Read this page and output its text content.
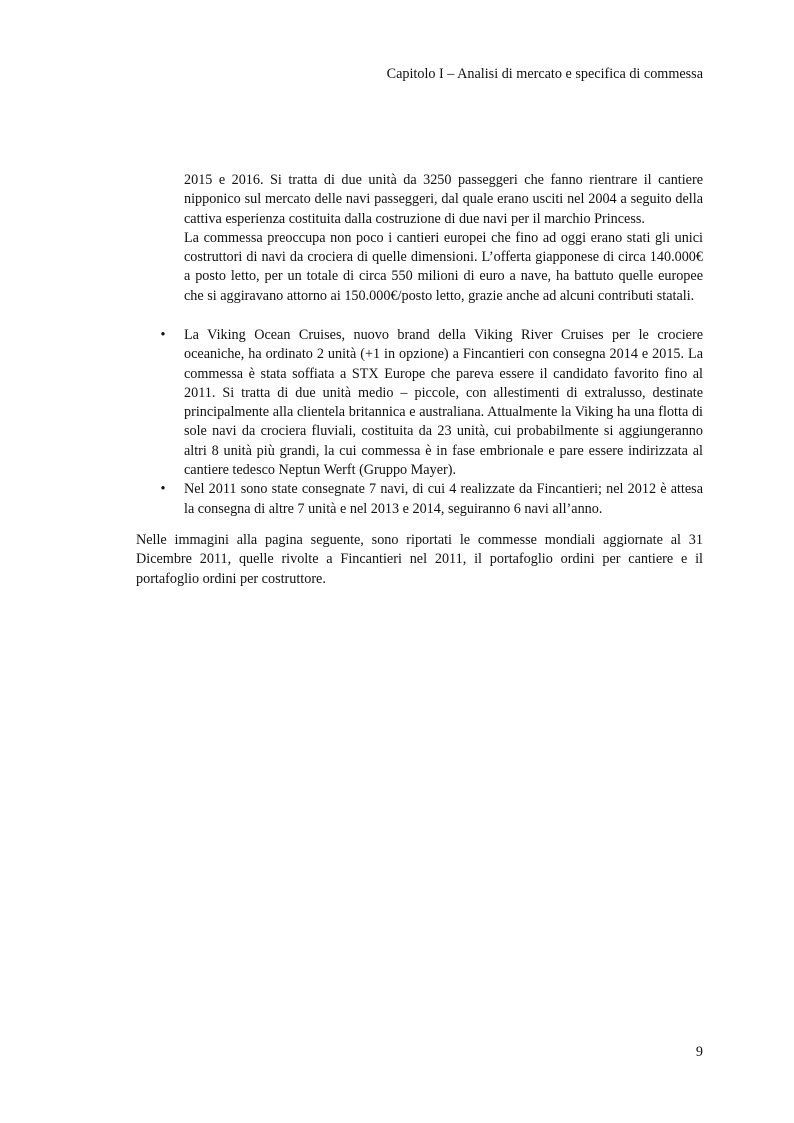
Capitolo I – Analisi di mercato e specifica di commessa

2015 e 2016. Si tratta di due unità da 3250 passeggeri che fanno rientrare il cantiere nipponico sul mercato delle navi passeggeri, dal quale erano usciti nel 2004 a seguito della cattiva esperienza costituita dalla costruzione di due navi per il marchio Princess.

La commessa preoccupa non poco i cantieri europei che fino ad oggi erano stati gli unici costruttori di navi da crociera di quelle dimensioni. L’offerta giapponese di circa 140.000€ a posto letto, per un totale di circa 550 milioni di euro a nave, ha battuto quelle europee che si aggiravano attorno ai 150.000€/posto letto, grazie anche ad alcuni contributi statali.

•	La Viking Ocean Cruises, nuovo brand della Viking River Cruises per le crociere oceaniche, ha ordinato 2 unità (+1 in opzione) a Fincantieri con consegna 2014 e 2015. La commessa è stata soffiata a STX Europe che pareva essere il candidato favorito fino al 2011. Si tratta di due unità medio – piccole, con allestimenti di extralusso, destinate principalmente alla clientela britannica e australiana. Attualmente la Viking ha una flotta di sole navi da crociera fluviali, costituita da 23 unità, cui probabilmente si aggiungeranno altri 8 unità più grandi, la cui commessa è in fase embrionale e pare essere indirizzata al cantiere tedesco Neptun Werft (Gruppo Mayer).
•	Nel 2011 sono state consegnate 7 navi, di cui 4 realizzate da Fincantieri; nel 2012 è attesa la consegna di altre 7 unità e nel 2013 e 2014, seguiranno 6 navi all’anno.

Nelle immagini alla pagina seguente, sono riportati le commesse mondiali aggiornate al 31 Dicembre 2011, quelle rivolte a Fincantieri nel 2011, il portafoglio ordini per cantiere e il portafoglio ordini per costruttore.

9
